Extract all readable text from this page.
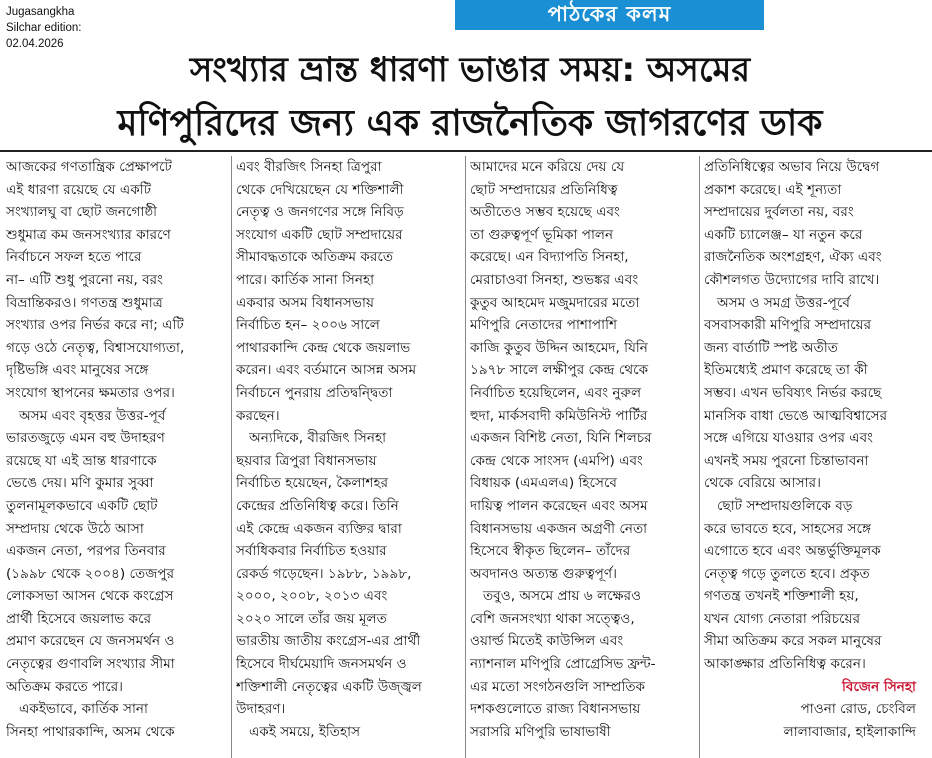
Jugasangkha
Silchar edition:
02.04.2026
পাঠকের কলম
সংখ্যার ভ্রান্ত ধারণা ভাঙার সময়: অসমের
মণিপুরিদের জন্য এক রাজনৈতিক জাগরণের ডাক

আজকের গণতান্ত্রিক প্রেক্ষাপটে

এই ধারণা রয়েছে যে একটি

সংখ্যালঘু বা ছোট জনগোষ্ঠী

শুধুমাত্র কম জনসংখ্যার কারণে

নির্বাচনে সফল হতে পারে

না– এটি শুধু পুরনো নয়, বরং

বিভ্রান্তিকরও। গণতন্ত্র শুধুমাত্র

সংখ্যার ওপর নির্ভর করে না; এটি

গড়ে ওঠে নেতৃত্ব, বিশ্বাসযোগ্যতা,

দৃষ্টিভঙ্গি এবং মানুষের সঙ্গে

সংযোগ স্থাপনের ক্ষমতার ওপর।

অসম এবং বৃহত্তর উত্তর-পূর্ব

ভারতজুড়ে এমন বহু উদাহরণ

রয়েছে যা এই ভ্রান্ত ধারণাকে

ভেঙে দেয়। মণি কুমার সুব্বা

তুলনামূলকভাবে একটি ছোট

সম্প্রদায় থেকে উঠে আসা

একজন নেতা, পরপর তিনবার

(১৯৯৮ থেকে ২০০৪) তেজপুর

লোকসভা আসন থেকে কংগ্রেস

প্রার্থী হিসেবে জয়লাভ করে

প্রমাণ করেছেন যে জনসমর্থন ও

নেতৃত্বের গুণাবলি সংখ্যার সীমা

অতিক্রম করতে পারে।

একইভাবে, কার্তিক সানা

সিনহা পাথারকান্দি, অসম থেকে

এবং বীরজিৎ সিনহা ত্রিপুরা

থেকে দেখিয়েছেন যে শক্তিশালী

নেতৃত্ব ও জনগণের সঙ্গে নিবিড়

সংযোগ একটি ছোট সম্প্রদায়ের

সীমাবদ্ধতাকে অতিক্রম করতে

পারে। কার্তিক সানা সিনহা

একবার অসম বিধানসভায়

নির্বাচিত হন– ২০০৬ সালে

পাথারকান্দি কেন্দ্র থেকে জয়লাভ

করেন। এবং বর্তমানে আসন্ন অসম

নির্বাচনে পুনরায় প্রতিদ্বন্দ্বিতা

করছেন।

অন্যদিকে, বীরজিৎ সিনহা

ছয়বার ত্রিপুরা বিধানসভায়

নির্বাচিত হয়েছেন, কৈলাশহর

কেন্দ্রের প্রতিনিধিত্ব করে। তিনি

এই কেন্দ্রে একজন ব্যক্তির দ্বারা

সর্বাধিকবার নির্বাচিত হওয়ার

রেকর্ড গড়েছেন। ১৯৮৮, ১৯৯৮,

২০০০, ২০০৮, ২০১৩ এবং

২০২০ সালে তাঁর জয় মূলত

ভারতীয় জাতীয় কংগ্রেস-এর প্রার্থী

হিসেবে দীর্ঘমেয়াদি জনসমর্থন ও

শক্তিশালী নেতৃত্বের একটি উজ্জ্বল

উদাহরণ।

একই সময়ে, ইতিহাস

আমাদের মনে করিয়ে দেয় যে

ছোট সম্প্রদায়ের প্রতিনিধিত্ব

অতীতেও সম্ভব হয়েছে এবং

তা গুরুত্বপূর্ণ ভূমিকা পালন

করেছে। এন বিদ্যাপতি সিনহা,

মেরাচাওবা সিনহা, শুভঙ্কর এবং

কুতুব আহমেদ মজুমদারের মতো

মণিপুরি নেতাদের পাশাপাশি

কাজি কুতুব উদ্দিন আহমেদ, যিনি

১৯৭৮ সালে লক্ষীপুর কেন্দ্র থেকে

নির্বাচিত হয়েছিলেন, এবং নুরুল

হুদা, মার্কসবাদী কমিউনিস্ট পার্টির

একজন বিশিষ্ট নেতা, যিনি শিলচর

কেন্দ্র থেকে সাংসদ (এমপি) এবং

বিধায়ক (এমএলএ) হিসেবে

দায়িত্ব পালন করেছেন এবং অসম

বিধানসভায় একজন অগ্রণী নেতা

হিসেবে স্বীকৃত ছিলেন– তাঁদের

অবদানও অত্যন্ত গুরুত্বপূর্ণ।

তবুও, অসমে প্রায় ৬ লক্ষেরও

বেশি জনসংখ্যা থাকা সত্ত্বেও,

ওয়ার্ল্ড মিতেই কাউন্সিল এবং

ন্যাশনাল মণিপুরি প্রোগ্রেসিভ ফ্রন্ট-

এর মতো সংগঠনগুলি সাম্প্রতিক

দশকগুলোতে রাজ্য বিধানসভায়

সরাসরি মণিপুরি ভাষাভাষী

প্রতিনিধিত্বের অভাব নিয়ে উদ্বেগ

প্রকাশ করেছে। এই শূন্যতা

সম্প্রদায়ের দুর্বলতা নয়, বরং

একটি চ্যালেঞ্জ– যা নতুন করে

রাজনৈতিক অংশগ্রহণ, ঐক্য এবং

কৌশলগত উদ্যোগের দাবি রাখে।

অসম ও সমগ্র উত্তর-পূর্বে

বসবাসকারী মণিপুরি সম্প্রদায়ের

জন্য বার্তাটি স্পষ্ট অতীত

ইতিমধ্যেই প্রমাণ করেছে তা কী

সম্ভব। এখন ভবিষ্যৎ নির্ভর করছে

মানসিক বাধা ভেঙে আত্মবিশ্বাসের

সঙ্গে এগিয়ে যাওয়ার ওপর এবং

এখনই সময় পুরনো চিন্তাভাবনা

থেকে বেরিয়ে আসার।

ছোট সম্প্রদায়গুলিকে বড়

করে ভাবতে হবে, সাহসের সঙ্গে

এগোতে হবে এবং অন্তর্ভুক্তিমূলক

নেতৃত্ব গড়ে তুলতে হবে। প্রকৃত

গণতন্ত্র তখনই শক্তিশালী হয়,

যখন যোগ্য নেতারা পরিচয়ের

সীমা অতিক্রম করে সকল মানুষের

আকাঙ্ক্ষার প্রতিনিধিত্ব করেন।

বিজেন সিনহা

পাওনা রোড, চেংবিল

লালাবাজার, হাইলাকান্দি
